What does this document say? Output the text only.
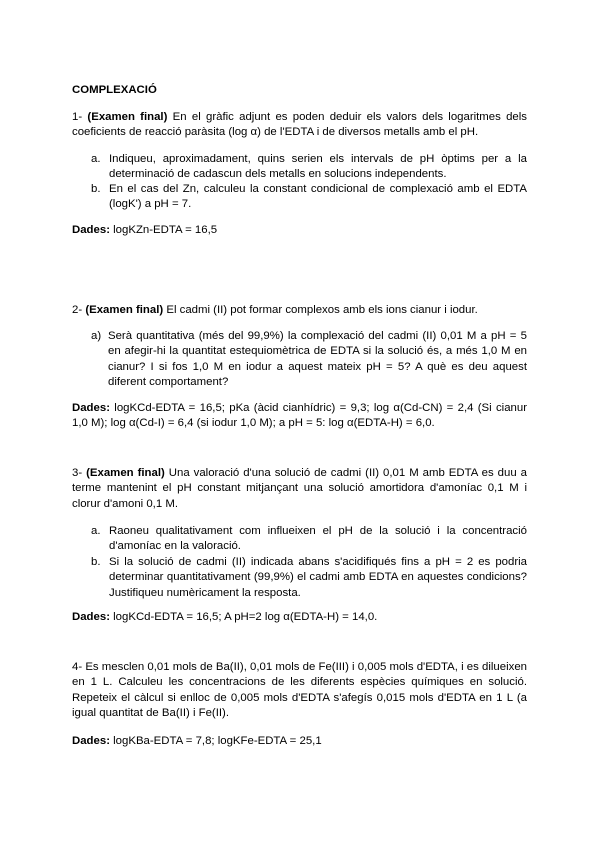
COMPLEXACIÓ

1- (Examen final) En el gràfic adjunt es poden deduir els valors dels logaritmes dels coeficients de reacció paràsita (log α) de l'EDTA i de diversos metalls amb el pH.

a. Indiqueu, aproximadament, quins serien els intervals de pH òptims per a la determinació de cadascun dels metalls en solucions independents.
b. En el cas del Zn, calculeu la constant condicional de complexació amb el EDTA (logK') a pH = 7.

Dades: logKZn-EDTA = 16,5

2- (Examen final) El cadmi (II) pot formar complexos amb els ions cianur i iodur.

a) Serà quantitativa (més del 99,9%) la complexació del cadmi (II) 0,01 M a pH = 5 en afegir-hi la quantitat estequiomètrica de EDTA si la solució és, a més 1,0 M en cianur? I si fos 1,0 M en iodur a aquest mateix pH = 5? A què es deu aquest diferent comportament?

Dades: logKCd-EDTA = 16,5; pKa (àcid cianhídric) = 9,3; log α(Cd-CN) = 2,4 (Si cianur 1,0 M); log α(Cd-I) = 6,4 (si iodur 1,0 M); a pH = 5: log α(EDTA-H) = 6,0.

3- (Examen final) Una valoració d'una solució de cadmi (II) 0,01 M amb EDTA es duu a terme mantenint el pH constant mitjançant una solució amortidora d'amoníac 0,1 M i clorur d'amoni 0,1 M.

a. Raoneu qualitativament com influeixen el pH de la solució i la concentració d'amoníac en la valoració.
b. Si la solució de cadmi (II) indicada abans s'acidifiqués fins a pH = 2 es podria determinar quantitativament (99,9%) el cadmi amb EDTA en aquestes condicions? Justifiqueu numèricament la resposta.

Dades: logKCd-EDTA = 16,5; A pH=2 log α(EDTA-H) = 14,0.

4- Es mesclen 0,01 mols de Ba(II), 0,01 mols de Fe(III) i 0,005 mols d'EDTA, i es dilueixen en 1 L. Calculeu les concentracions de les diferents espècies químiques en solució. Repeteix el càlcul si enlloc de 0,005 mols d'EDTA s'afegís 0,015 mols d'EDTA en 1 L (a igual quantitat de Ba(II) i Fe(II).

Dades: logKBa-EDTA = 7,8; logKFe-EDTA = 25,1
